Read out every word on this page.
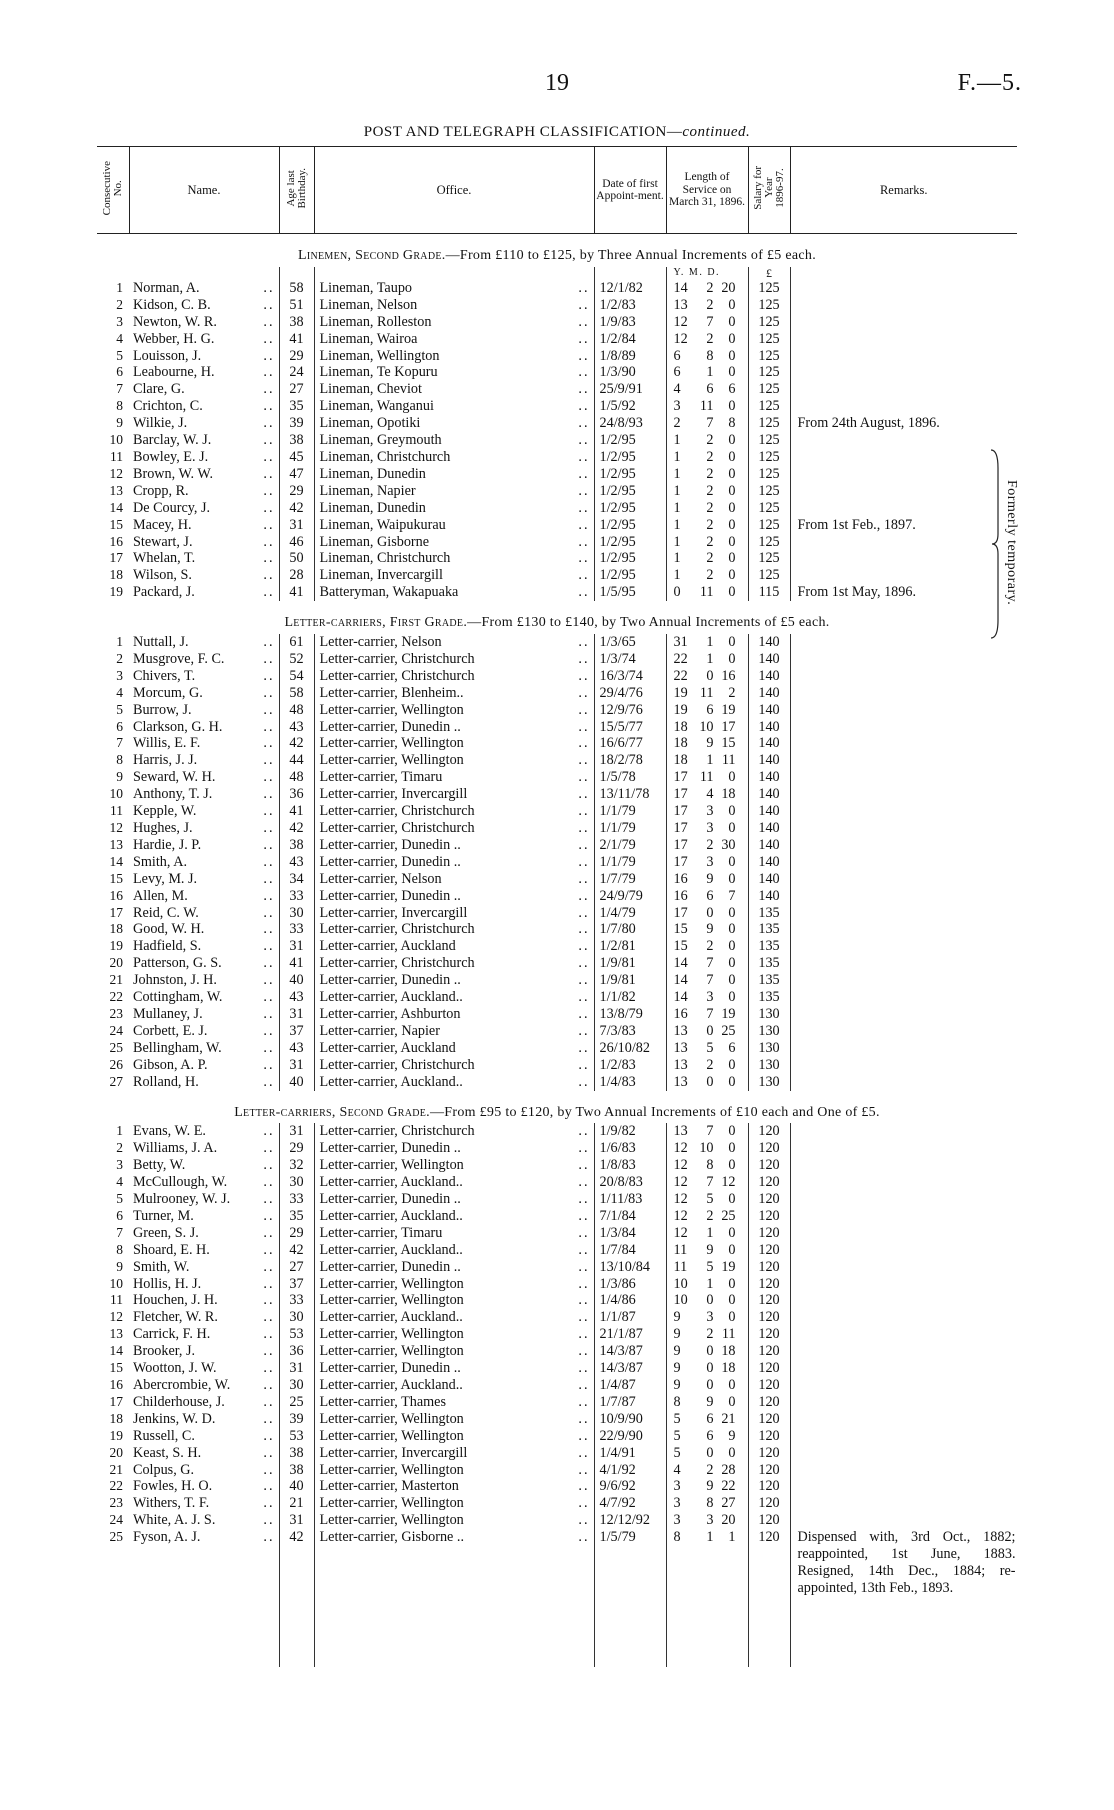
19	F.—5.
POST AND TELEGRAPH CLASSIFICATION—continued.
Consecutive
No.	Name.	Age last
Birthday.	Office.	Date of first Appoint-ment.	Length of Service on March 31, 1896.	Salary for
Year
1896-97.	Remarks.
Linemen, Second Grade.—From £110 to £125, by Three Annual Increments of £5 each.							
					Y. M. D.	£	
1	Norman, A. ..	58	Lineman, Taupo ..	12/1/82	14 2 20	125	
2	Kidson, C. B. ..	51	Lineman, Nelson ..	1/2/83	13 2 0	125	
3	Newton, W. R. ..	38	Lineman, Rolleston ..	1/9/83	12 7 0	125	
4	Webber, H. G. ..	41	Lineman, Wairoa ..	1/2/84	12 2 0	125	
5	Louisson, J. ..	29	Lineman, Wellington ..	1/8/89	6 8 0	125	
6	Leabourne, H. ..	24	Lineman, Te Kopuru ..	1/3/90	6 1 0	125	
7	Clare, G. ..	27	Lineman, Cheviot ..	25/9/91	4 6 6	125	
8	Crichton, C. ..	35	Lineman, Wanganui ..	1/5/92	3 11 0	125	
9	Wilkie, J. ..	39	Lineman, Opotiki ..	24/8/93	2 7 8	125	From 24th August, 1896.
10	Barclay, W. J. ..	38	Lineman, Greymouth ..	1/2/95	1 2 0	125	
11	Bowley, E. J. ..	45	Lineman, Christchurch ..	1/2/95	1 2 0	125	
12	Brown, W. W. ..	47	Lineman, Dunedin ..	1/2/95	1 2 0	125	
13	Cropp, R. ..	29	Lineman, Napier ..	1/2/95	1 2 0	125	
14	De Courcy, J. ..	42	Lineman, Dunedin ..	1/2/95	1 2 0	125	
15	Macey, H. ..	31	Lineman, Waipukurau ..	1/2/95	1 2 0	125	From 1st Feb., 1897.
16	Stewart, J. ..	46	Lineman, Gisborne ..	1/2/95	1 2 0	125	
17	Whelan, T. ..	50	Lineman, Christchurch ..	1/2/95	1 2 0	125	
18	Wilson, S. ..	28	Lineman, Invercargill ..	1/2/95	1 2 0	125	
19	Packard, J. ..	41	Batteryman, Wakapuaka ..	1/5/95	0 11 0	115	From 1st May, 1896.
Letter-carriers, First Grade.—From £130 to £140, by Two Annual Increments of £5 each.							
1	Nuttall, J. ..	61	Letter-carrier, Nelson ..	1/3/65	31 1 0	140	
2	Musgrove, F. C. ..	52	Letter-carrier, Christchurch ..	1/3/74	22 1 0	140	
3	Chivers, T. ..	54	Letter-carrier, Christchurch ..	16/3/74	22 0 16	140	
4	Morcum, G. ..	58	Letter-carrier, Blenheim.. ..	29/4/76	19 11 2	140	
5	Burrow, J. ..	48	Letter-carrier, Wellington ..	12/9/76	19 6 19	140	
6	Clarkson, G. H. ..	43	Letter-carrier, Dunedin .. ..	15/5/77	18 10 17	140	
7	Willis, E. F. ..	42	Letter-carrier, Wellington ..	16/6/77	18 9 15	140	
8	Harris, J. J. ..	44	Letter-carrier, Wellington ..	18/2/78	18 1 11	140	
9	Seward, W. H. ..	48	Letter-carrier, Timaru ..	1/5/78	17 11 0	140	
10	Anthony, T. J. ..	36	Letter-carrier, Invercargill ..	13/11/78	17 4 18	140	
11	Kepple, W. ..	41	Letter-carrier, Christchurch ..	1/1/79	17 3 0	140	
12	Hughes, J. ..	42	Letter-carrier, Christchurch ..	1/1/79	17 3 0	140	
13	Hardie, J. P. ..	38	Letter-carrier, Dunedin .. ..	2/1/79	17 2 30	140	
14	Smith, A. ..	43	Letter-carrier, Dunedin .. ..	1/1/79	17 3 0	140	
15	Levy, M. J. ..	34	Letter-carrier, Nelson ..	1/7/79	16 9 0	140	
16	Allen, M. ..	33	Letter-carrier, Dunedin .. ..	24/9/79	16 6 7	140	
17	Reid, C. W. ..	30	Letter-carrier, Invercargill ..	1/4/79	17 0 0	135	
18	Good, W. H. ..	33	Letter-carrier, Christchurch ..	1/7/80	15 9 0	135	
19	Hadfield, S. ..	31	Letter-carrier, Auckland ..	1/2/81	15 2 0	135	
20	Patterson, G. S. ..	41	Letter-carrier, Christchurch ..	1/9/81	14 7 0	135	
21	Johnston, J. H. ..	40	Letter-carrier, Dunedin .. ..	1/9/81	14 7 0	135	
22	Cottingham, W. ..	43	Letter-carrier, Auckland.. ..	1/1/82	14 3 0	135	
23	Mullaney, J. ..	31	Letter-carrier, Ashburton ..	13/8/79	16 7 19	130	
24	Corbett, E. J. ..	37	Letter-carrier, Napier ..	7/3/83	13 0 25	130	
25	Bellingham, W. ..	43	Letter-carrier, Auckland ..	26/10/82	13 5 6	130	
26	Gibson, A. P. ..	31	Letter-carrier, Christchurch ..	1/2/83	13 2 0	130	
27	Rolland, H. ..	40	Letter-carrier, Auckland.. ..	1/4/83	13 0 0	130	
Letter-carriers, Second Grade.—From £95 to £120, by Two Annual Increments of £10 each and One of £5.							
1	Evans, W. E. ..	31	Letter-carrier, Christchurch ..	1/9/82	13 7 0	120	
2	Williams, J. A. ..	29	Letter-carrier, Dunedin .. ..	1/6/83	12 10 0	120	
3	Betty, W. ..	32	Letter-carrier, Wellington ..	1/8/83	12 8 0	120	
4	McCullough, W. ..	30	Letter-carrier, Auckland.. ..	20/8/83	12 7 12	120	
5	Mulrooney, W. J. ..	33	Letter-carrier, Dunedin .. ..	1/11/83	12 5 0	120	
6	Turner, M. ..	35	Letter-carrier, Auckland.. ..	7/1/84	12 2 25	120	
7	Green, S. J. ..	29	Letter-carrier, Timaru ..	1/3/84	12 1 0	120	
8	Shoard, E. H. ..	42	Letter-carrier, Auckland.. ..	1/7/84	11 9 0	120	
9	Smith, W. ..	27	Letter-carrier, Dunedin .. ..	13/10/84	11 5 19	120	
10	Hollis, H. J. ..	37	Letter-carrier, Wellington ..	1/3/86	10 1 0	120	
11	Houchen, J. H. ..	33	Letter-carrier, Wellington ..	1/4/86	10 0 0	120	
12	Fletcher, W. R. ..	30	Letter-carrier, Auckland.. ..	1/1/87	9 3 0	120	
13	Carrick, F. H. ..	53	Letter-carrier, Wellington ..	21/1/87	9 2 11	120	
14	Brooker, J. ..	36	Letter-carrier, Wellington ..	14/3/87	9 0 18	120	
15	Wootton, J. W. ..	31	Letter-carrier, Dunedin .. ..	14/3/87	9 0 18	120	
16	Abercrombie, W. ..	30	Letter-carrier, Auckland.. ..	1/4/87	9 0 0	120	
17	Childerhouse, J. ..	25	Letter-carrier, Thames ..	1/7/87	8 9 0	120	
18	Jenkins, W. D. ..	39	Letter-carrier, Wellington ..	10/9/90	5 6 21	120	
19	Russell, C. ..	53	Letter-carrier, Wellington ..	22/9/90	5 6 9	120	
20	Keast, S. H. ..	38	Letter-carrier, Invercargill ..	1/4/91	5 0 0	120	
21	Colpus, G. ..	38	Letter-carrier, Wellington ..	4/1/92	4 2 28	120	
22	Fowles, H. O. ..	40	Letter-carrier, Masterton ..	9/6/92	3 9 22	120	
23	Withers, T. F. ..	21	Letter-carrier, Wellington ..	4/7/92	3 8 27	120	
24	White, A. J. S. ..	31	Letter-carrier, Wellington ..	12/12/92	3 3 20	120	
25	Fyson, A. J. ..	42	Letter-carrier, Gisborne .. ..	1/5/79	8 1 1	120	Dispensed with, 3rd Oct., 1882; reappointed, 1st June, 1883. Resigned, 14th Dec., 1884; re-appointed, 13th Feb., 1893.

Formerly temporary.
